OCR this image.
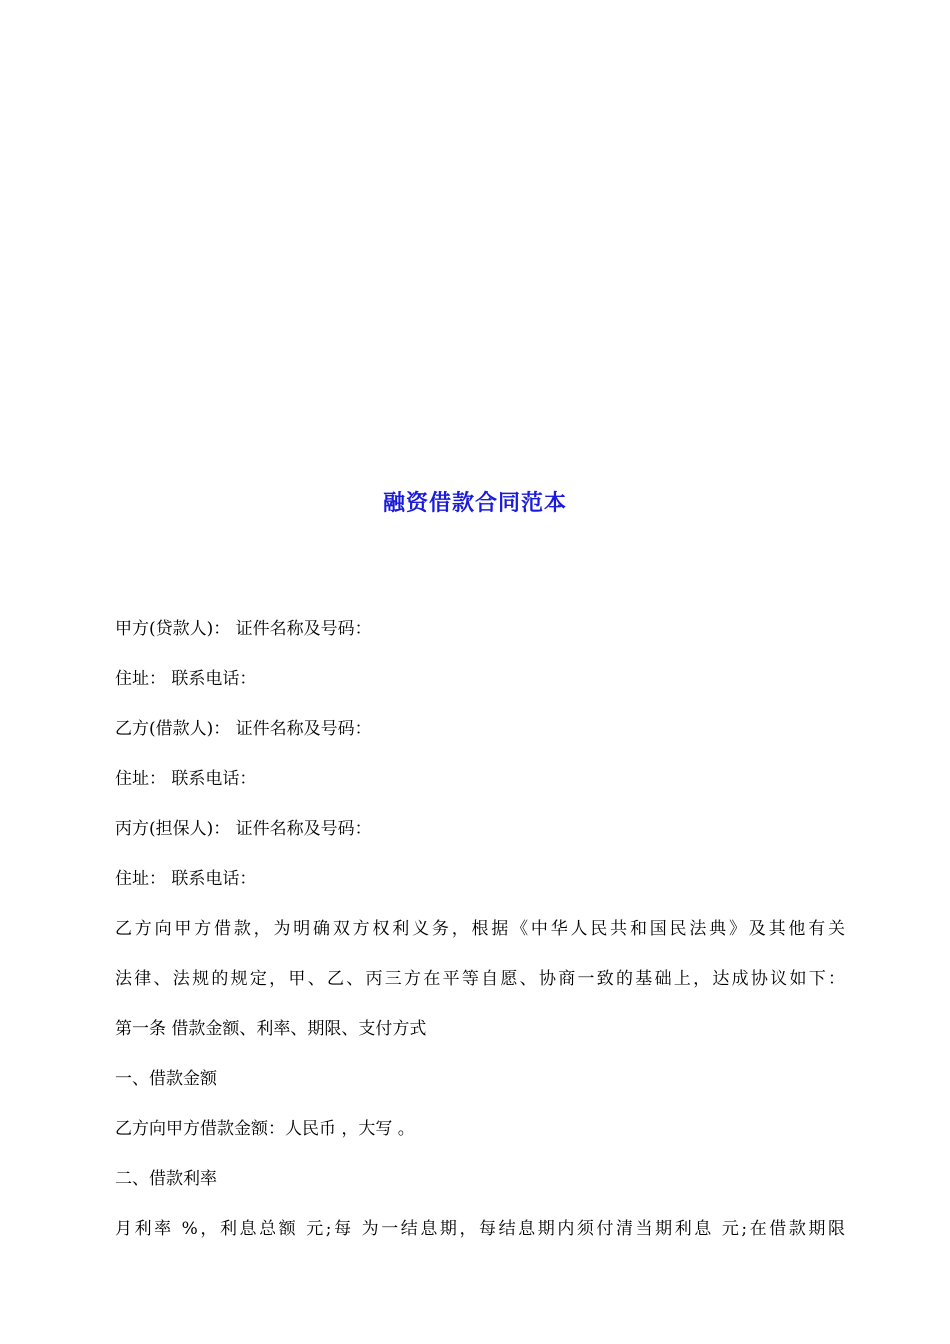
融资借款合同范本
甲方(贷款人)： 证件名称及号码：
住址： 联系电话：
乙方(借款人)： 证件名称及号码：
住址： 联系电话：
丙方(担保人)： 证件名称及号码：
住址： 联系电话：
乙方向甲方借款，为明确双方权利义务，根据《中华人民共和国民法典》及其他有关
法律、法规的规定，甲、乙、丙三方在平等自愿、协商一致的基础上，达成协议如下：
第一条 借款金额、利率、期限、支付方式
一、借款金额
乙方向甲方借款金额：人民币 ，大写 。
二、借款利率
月利率 %，利息总额 元;每 为一结息期，每结息期内须付清当期利息 元;在借款期限
